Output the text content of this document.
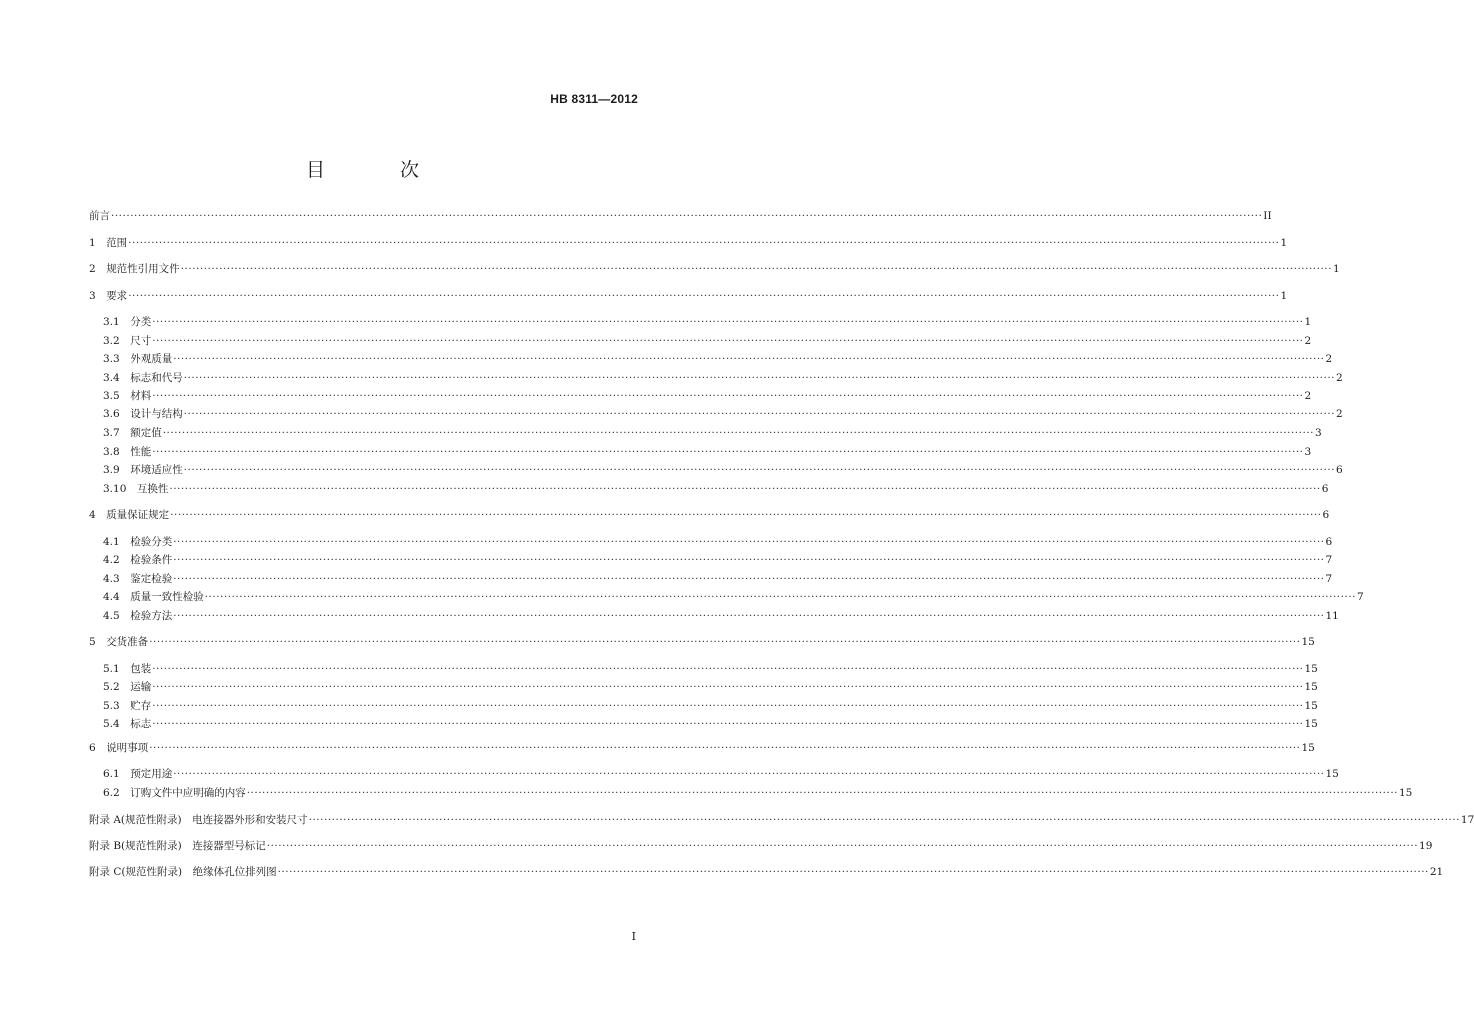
HB 8311—2012
目　次
前言 ············································································································································································································································································································ II
1　 范围 ············································································································································································································································································································ 1
2　 规范性引用文件 ············································································································································································································································································································ 1
3　 要求 ············································································································································································································································································································ 1
3.1　 分类 ············································································································································································································································································································ 1
3.2　 尺寸 ············································································································································································································································································································ 2
3.3　 外观质量 ············································································································································································································································································································ 2
3.4　 标志和代号 ············································································································································································································································································································ 2
3.5　 材料 ············································································································································································································································································································ 2
3.6　 设计与结构 ············································································································································································································································································································ 2
3.7　 额定值 ············································································································································································································································································································ 3
3.8　 性能 ············································································································································································································································································································ 3
3.9　 环境适应性 ············································································································································································································································································································ 6
3.10　 互换性 ············································································································································································································································································································ 6
4　 质量保证规定 ············································································································································································································································································································ 6
4.1　 检验分类 ············································································································································································································································································································ 6
4.2　 检验条件 ············································································································································································································································································································ 7
4.3　 鉴定检验 ············································································································································································································································································································ 7
4.4　 质量一致性检验 ············································································································································································································································································································ 7
4.5　 检验方法 ············································································································································································································································································································ 11
5　 交货准备 ············································································································································································································································································································ 15
5.1　 包装 ············································································································································································································································································································ 15
5.2　 运输 ············································································································································································································································································································ 15
5.3　 贮存 ············································································································································································································································································································ 15
5.4　 标志 ············································································································································································································································································································ 15
6　 说明事项 ············································································································································································································································································································ 15
6.1　 预定用途 ············································································································································································································································································································ 15
6.2　 订购文件中应明确的内容 ············································································································································································································································································································ 15
附录 A(规范性附录)　 电连接器外形和安装尺寸 ············································································································································································································································································································ 17
附录 B(规范性附录)　 连接器型号标记 ············································································································································································································································································································ 19
附录 C(规范性附录)　 绝缘体孔位排列图 ············································································································································································································································································································ 21
I
